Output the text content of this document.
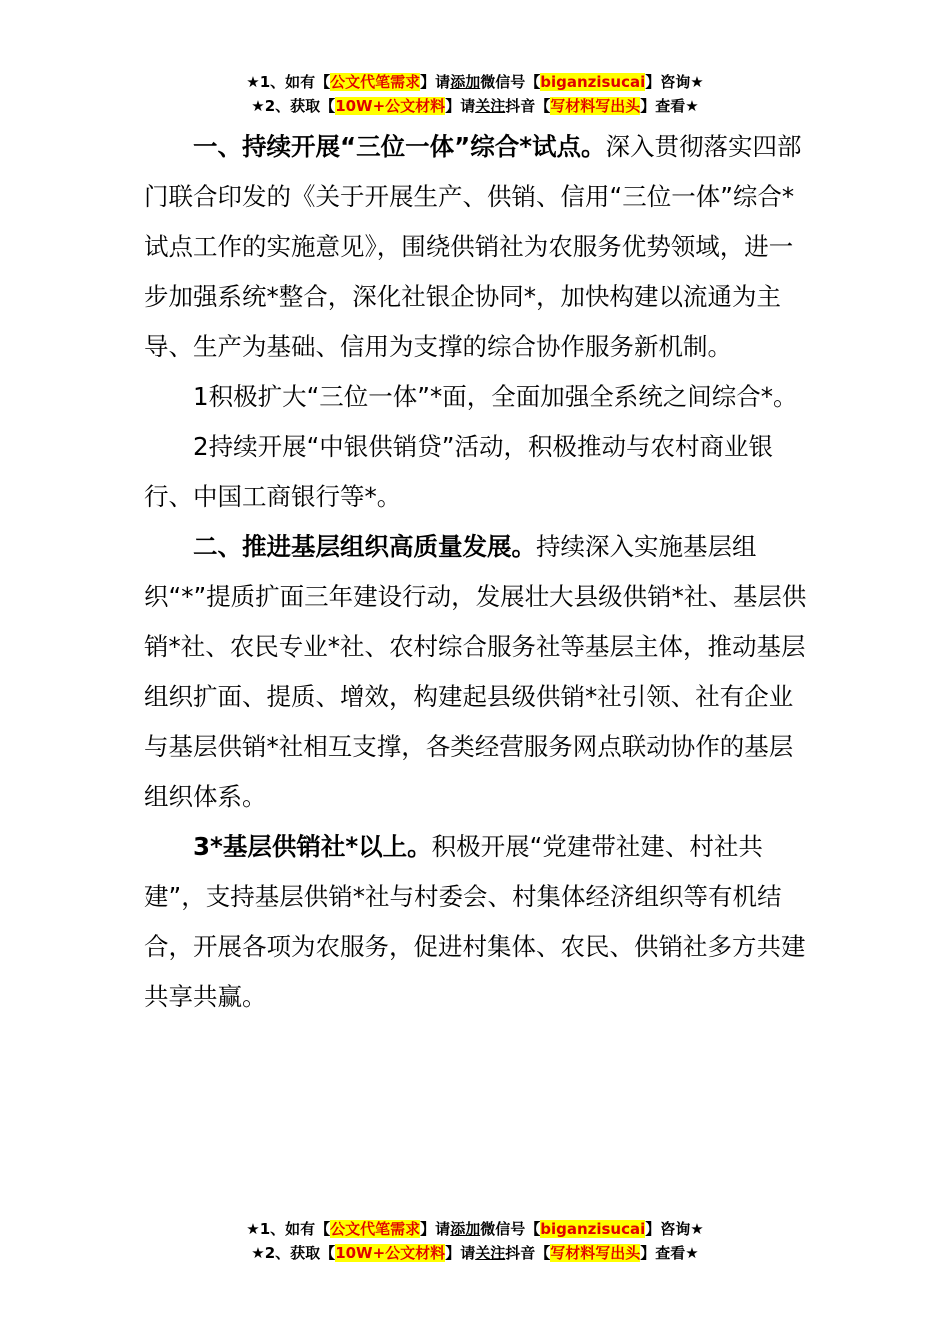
★1、如有【公文代笔需求】请添加微信号【biganzisucai】咨询★
★2、获取【10W+公文材料】请关注抖音【写材料写出头】查看★

一、持续开展“三位一体”综合*试点。深入贯彻落实四部门联合印发的《关于开展生产、供销、信用“三位一体”综合*试点工作的实施意见》，围绕供销社为农服务优势领域，进一步加强系统*整合，深化社银企协同*，加快构建以流通为主导、生产为基础、信用为支撑的综合协作服务新机制。

1积极扩大“三位一体”*面，全面加强全系统之间综合*。

2持续开展“中银供销贷”活动，积极推动与农村商业银行、中国工商银行等*。

二、推进基层组织高质量发展。持续深入实施基层组织“*”提质扩面三年建设行动，发展壮大县级供销*社、基层供销*社、农民专业*社、农村综合服务社等基层主体，推动基层组织扩面、提质、增效，构建起县级供销*社引领、社有企业与基层供销*社相互支撑，各类经营服务网点联动协作的基层组织体系。

3*基层供销社*以上。积极开展“党建带社建、村社共建”，支持基层供销*社与村委会、村集体经济组织等有机结合，开展各项为农服务，促进村集体、农民、供销社多方共建共享共赢。

★1、如有【公文代笔需求】请添加微信号【biganzisucai】咨询★
★2、获取【10W+公文材料】请关注抖音【写材料写出头】查看★
